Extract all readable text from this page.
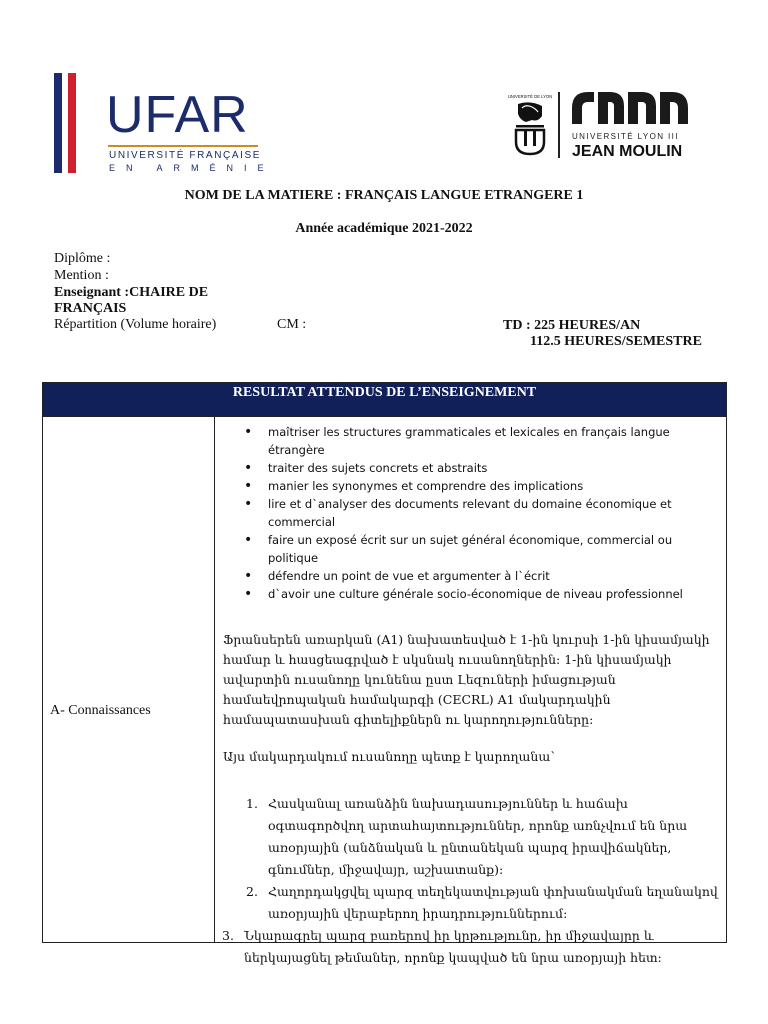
UFAR
UNIVERSITÉ FRANÇAISE
EN ARMÉNIE
UNIVERSITÉ DE LYON
UNIVERSITÉ LYON III
JEAN MOULIN
NOM DE LA MATIERE : FRANÇAIS LANGUE ETRANGERE 1
Année académique 2021-2022
Diplôme :
Mention :
Enseignant :CHAIRE DE
FRANÇAIS
Répartition (Volume horaire)	CM :	TD : 225 HEURES/AN
112.5 HEURES/SEMESTRE
RESULTAT ATTENDUS DE L’ENSEIGNEMENT
A- Connaissances
• maîtriser les structures grammaticales et lexicales en français langue étrangère
• traiter des sujets concrets et abstraits
• manier les synonymes et comprendre des implications
• lire et d`analyser des documents relevant du domaine économique et commercial
• faire un exposé écrit sur un sujet général économique, commercial ou politique
• défendre un point de vue et argumenter à l`écrit
• d`avoir une culture générale socio-économique de niveau professionnel

Ֆրանսերեն առարկան (A1) նախատեսված է 1-ին կուրսի 1-ին կիսամյակի համար և հասցեագրված է սկսնակ ուսանողներին: 1-ին կիսամյակի ավարտին ուսանողը կունենա ըստ Լեզուների իմացության համաեվրոպական համակարգի (CECRL) A1 մակարդակին համապատասխան գիտելիքներն ու կարողությունները:

Այս մակարդակում ուսանողը պետք է կարողանա`

1. Հասկանալ առանձին նախադասություններ և հաճախ օգտագործվող արտահայտություններ, որոնք առնչվում են նրա առօրյային (անձնական և ընտանեկան պարզ իրավիճակներ, գնումներ, միջավայր, աշխատանք):
2. Հաղորդակցվել պարզ տեղեկատվության փոխանակման եղանակով առօրյային վերաբերող իրադրություններում:
3. Նկարագրել պարզ բառերով իր կրթությունը, իր միջավայրը և ներկայացնել թեմաներ, որոնք կապված են նրա առօրյայի հետ:
